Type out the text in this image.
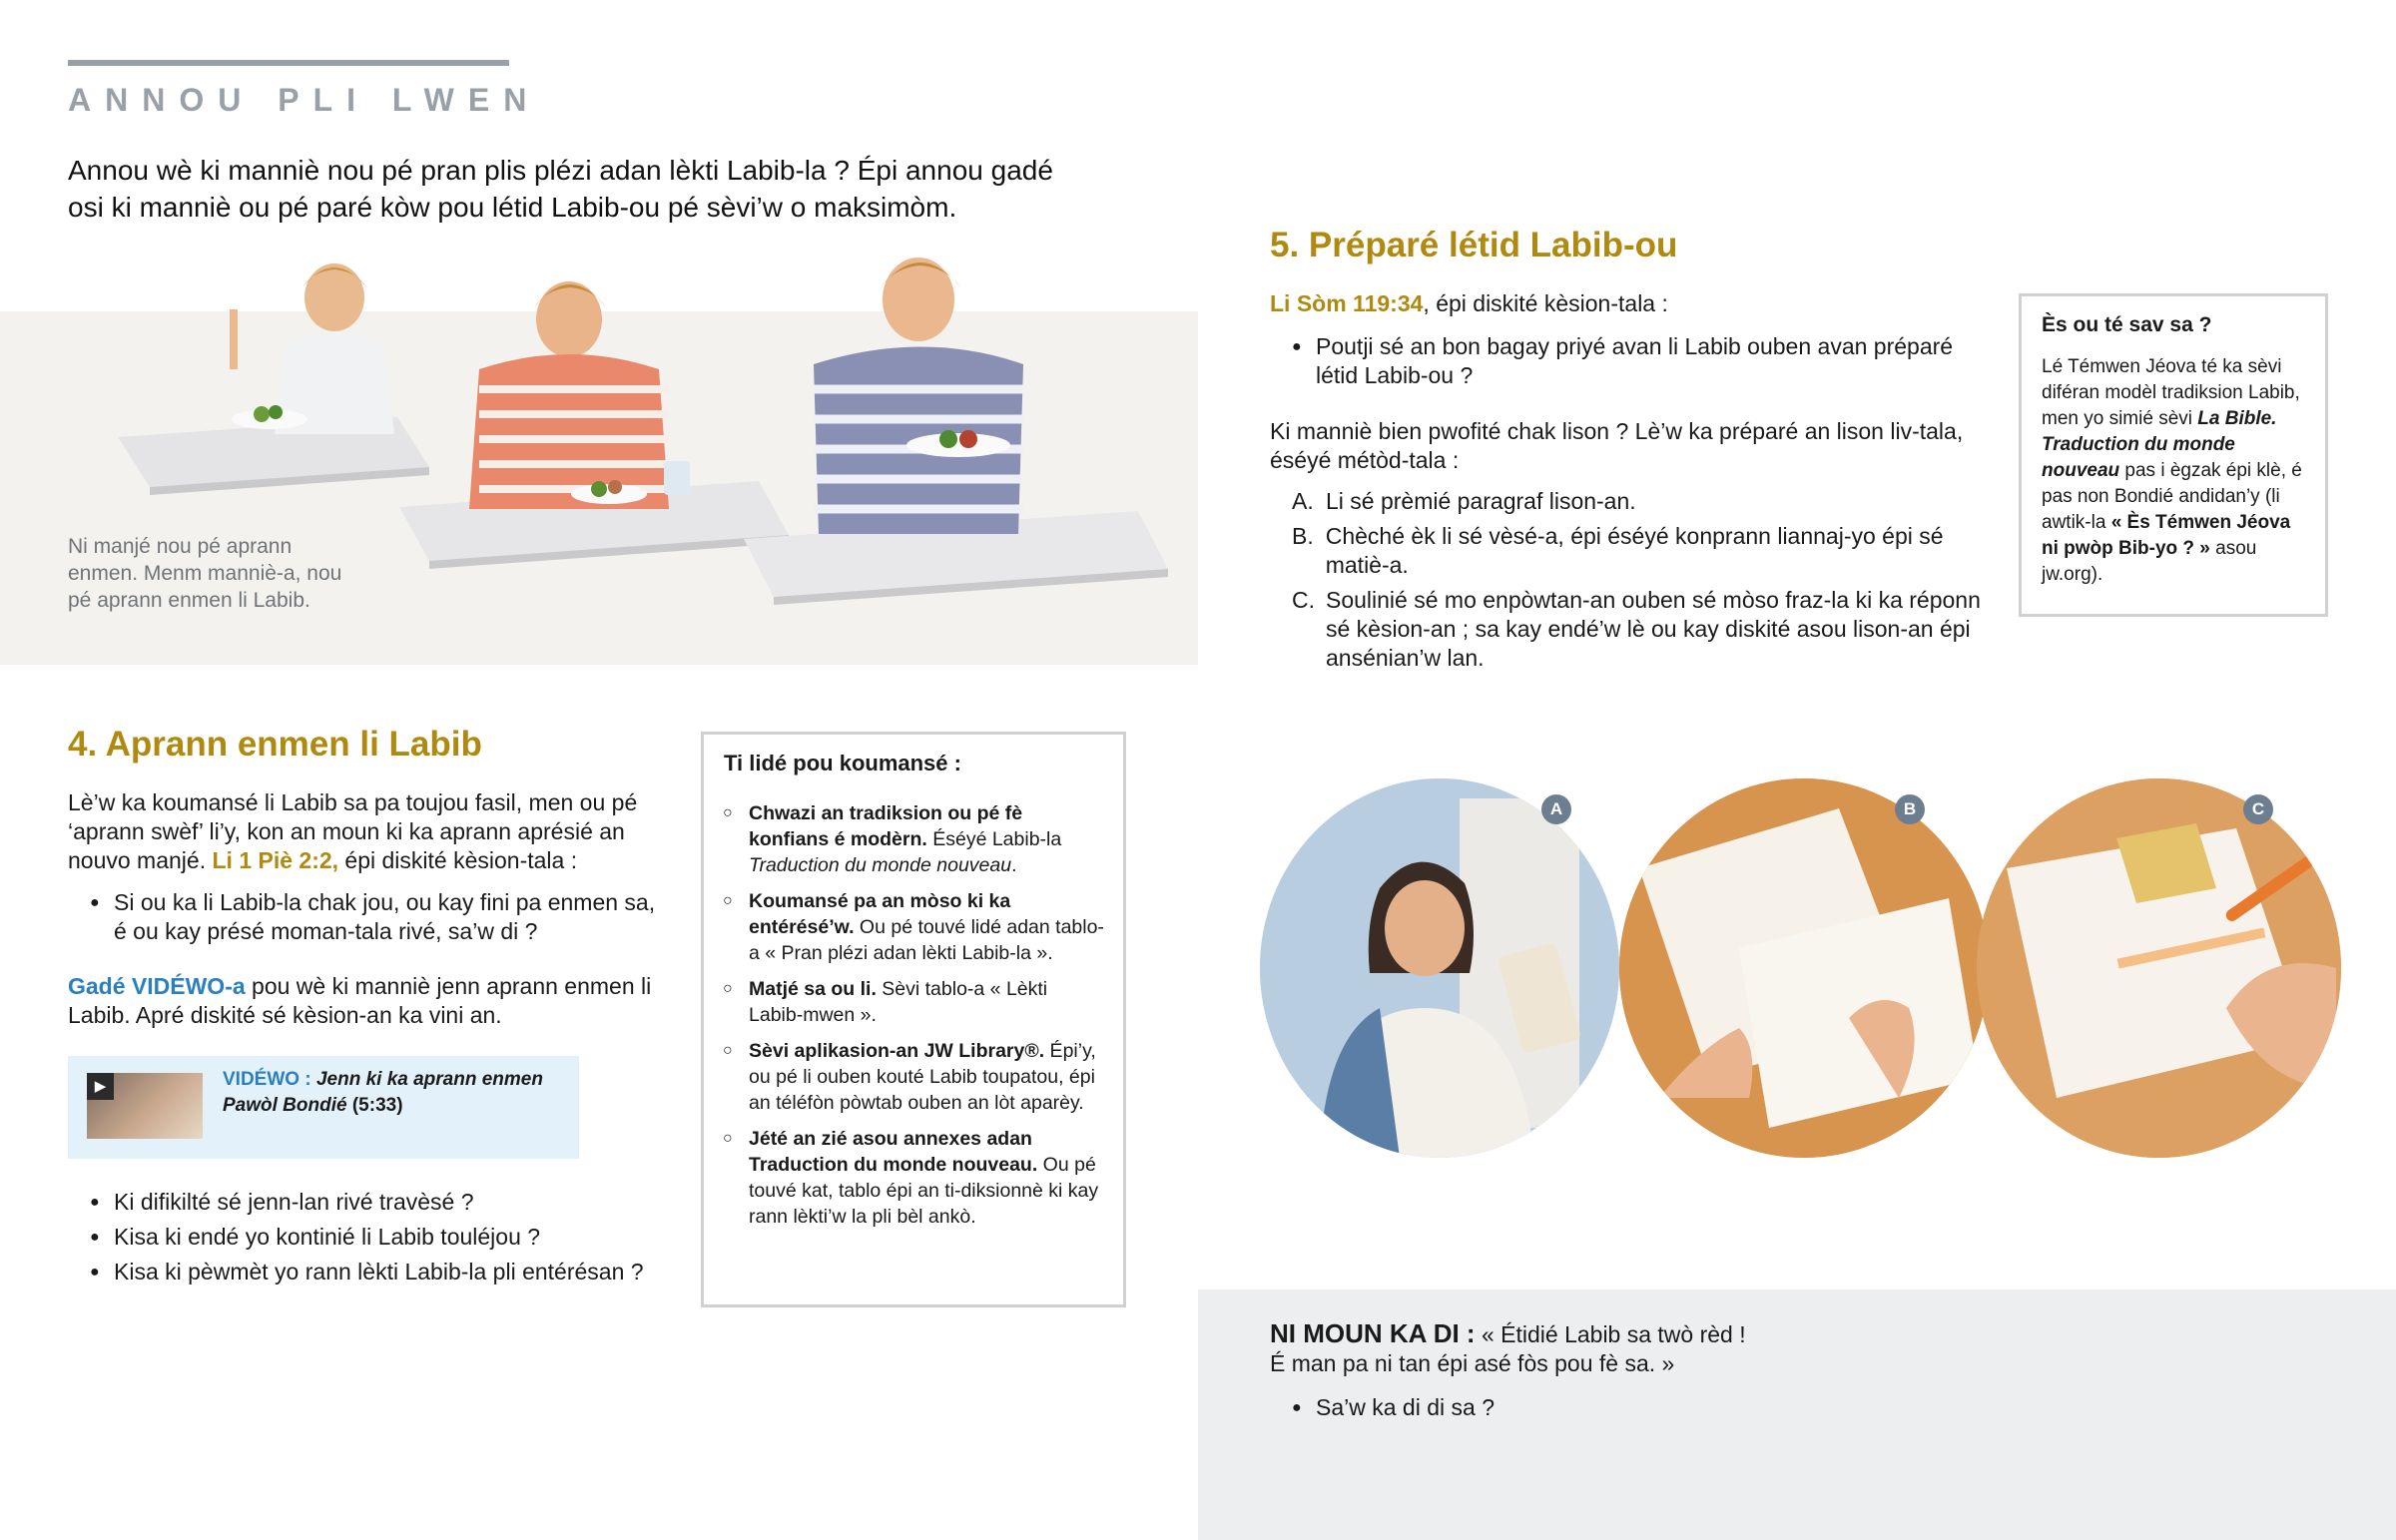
ANNOU PLI LWEN
Annou wè ki manniè nou pé pran plis plézi adan lèkti Labib-la ? Épi annou gadé osi ki manniè ou pé paré kòw pou létid Labib-ou pé sèvi’w o maksimòm.
Ni manjé nou pé aprann enmen. Menm manniè-a, nou pé aprann enmen li Labib.
4. Aprann enmen li Labib
Lè’w ka koumansé li Labib sa pa toujou fasil, men ou pé ‘aprann swèf’ li’y, kon an moun ki ka aprann aprésié an nouvo manjé. Li 1 Piè 2:2, épi diskité kèsion-tala :
● Si ou ka li Labib-la chak jou, ou kay fini pa enmen sa, é ou kay présé moman-tala rivé, sa’w di ?
Gadé VIDÉWO-a pou wè ki manniè jenn aprann enmen li Labib. Apré diskité sé kèsion-an ka vini an.
▶	VIDÉWO : Jenn ki ka aprann enmen Pawòl Bondié (5:33)
● Ki difikilté sé jenn-lan rivé travèsé ?
● Kisa ki endé yo kontinié li Labib touléjou ?
● Kisa ki pèwmèt yo rann lèkti Labib-la pli entérésan ?
Ti lidé pou koumansé :
○ Chwazi an tradiksion ou pé fè konfians é modèrn. Éséyé Labib-la Traduction du monde nouveau.
○ Koumansé pa an mòso ki ka entérésé’w. Ou pé touvé lidé adan tablo-a « Pran plézi adan lèkti Labib-la ».
○ Matjé sa ou li. Sèvi tablo-a « Lèkti Labib-mwen ».
○ Sèvi aplikasion-an JW Library®. Épi’y, ou pé li ouben kouté Labib toupatou, épi an téléfòn pòwtab ouben an lòt aparèy.
○ Jété an zié asou annexes adan Traduction du monde nouveau. Ou pé touvé kat, tablo épi an ti-diksionnè ki kay rann lèkti’w la pli bèl ankò.
5. Préparé létid Labib-ou
Li Sòm 119:34, épi diskité kèsion-tala :
● Poutji sé an bon bagay priyé avan li Labib ouben avan préparé létid Labib-ou ?
Ki manniè bien pwofité chak lison ? Lè’w ka préparé an lison liv-tala, éséyé métòd-tala :
A. Li sé prèmié paragraf lison-an.
B. Chèché èk li sé vèsé-a, épi éséyé konprann liannaj-yo épi sé matiè-a.
C. Soulinié sé mo enpòwtan-an ouben sé mòso fraz-la ki ka réponn sé kèsion-an ; sa kay endé’w lè ou kay diskité asou lison-an épi ansénian’w lan.
Ès ou té sav sa ?
Lé Témwen Jéova té ka sèvi diféran modèl tradiksion Labib, men yo simié sèvi La Bible. Traduction du monde nouveau pas i ègzak épi klè, é pas non Bondié andidan’y (li awtik-la « Ès Témwen Jéova ni pwòp Bib-yo ? » asou jw.org).
A	B	C
NI MOUN KA DI : « Étidié Labib sa twò rèd !
É man pa ni tan épi asé fòs pou fè sa. »
● Sa’w ka di di sa ?
